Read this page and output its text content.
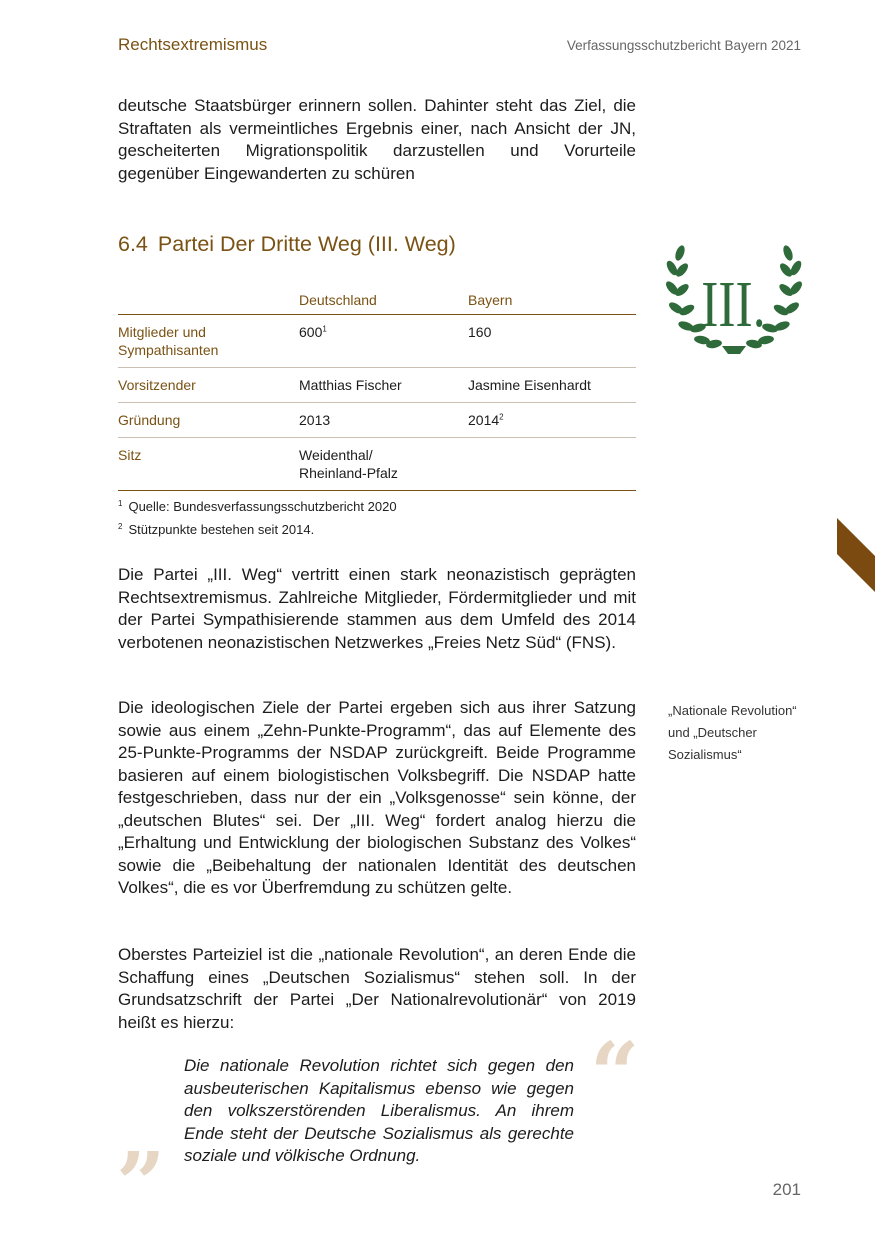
Rechtsextremismus	Verfassungsschutzbericht Bayern 2021

deutsche Staatsbürger erinnern sollen. Dahinter steht das Ziel, die Straftaten als vermeintliches Ergebnis einer, nach Ansicht der JN, gescheiterten Migrationspolitik darzustellen und Vorurteile gegenüber Eingewanderten zu schüren

6.4 Partei Der Dritte Weg (III. Weg)
III.
	Deutschland	Bayern

Mitglieder und Sympathisanten	$600^1$	160
Vorsitzender	Matthias Fischer	Jasmine Eisenhardt
Gründung	2013	2014$^2$
Sitz	Weidenthal/ Rheinland-Pfalz	

$^1$ Quelle: Bundesverfassungsschutzbericht 2020
$^2$ Stützpunkte bestehen seit 2014.

Die Partei „III. Weg“ vertritt einen stark neonazistisch geprägten Rechtsextremismus. Zahlreiche Mitglieder, Fördermitglieder und mit der Partei Sympathisierende stammen aus dem Umfeld des 2014 verbotenen neonazistischen Netzwerkes „Freies Netz Süd“ (FNS).

Die ideologischen Ziele der Partei ergeben sich aus ihrer Satzung sowie aus einem „Zehn-Punkte-Programm“, das auf Elemente des 25-Punkte-Programms der NSDAP zurückgreift. Beide Programme basieren auf einem biologistischen Volksbegriff. Die NSDAP hatte festgeschrieben, dass nur der ein „Volksgenosse“ sein könne, der „deutschen Blutes“ sei. Der „III. Weg“ fordert analog hierzu die „Erhaltung und Entwicklung der biologischen Substanz des Volkes“ sowie die „Beibehaltung der nationalen Identität des deutschen Volkes“, die es vor Überfremdung zu schützen gelte.

Oberstes Parteiziel ist die „nationale Revolution“, an deren Ende die Schaffung eines „Deutschen Sozialismus“ stehen soll. In der Grundsatzschrift der Partei „Der Nationalrevolutionär“ von 2019 heißt es hierzu:

„Nationale Revolution“ und „Deutscher Sozialismus“
“
Die nationale Revolution richtet sich gegen den ausbeuterischen Kapitalismus ebenso wie gegen den volkszerstörenden Liberalismus. An ihrem Ende steht der Deutsche Sozialismus als gerechte soziale und völkische Ordnung.
”	201
